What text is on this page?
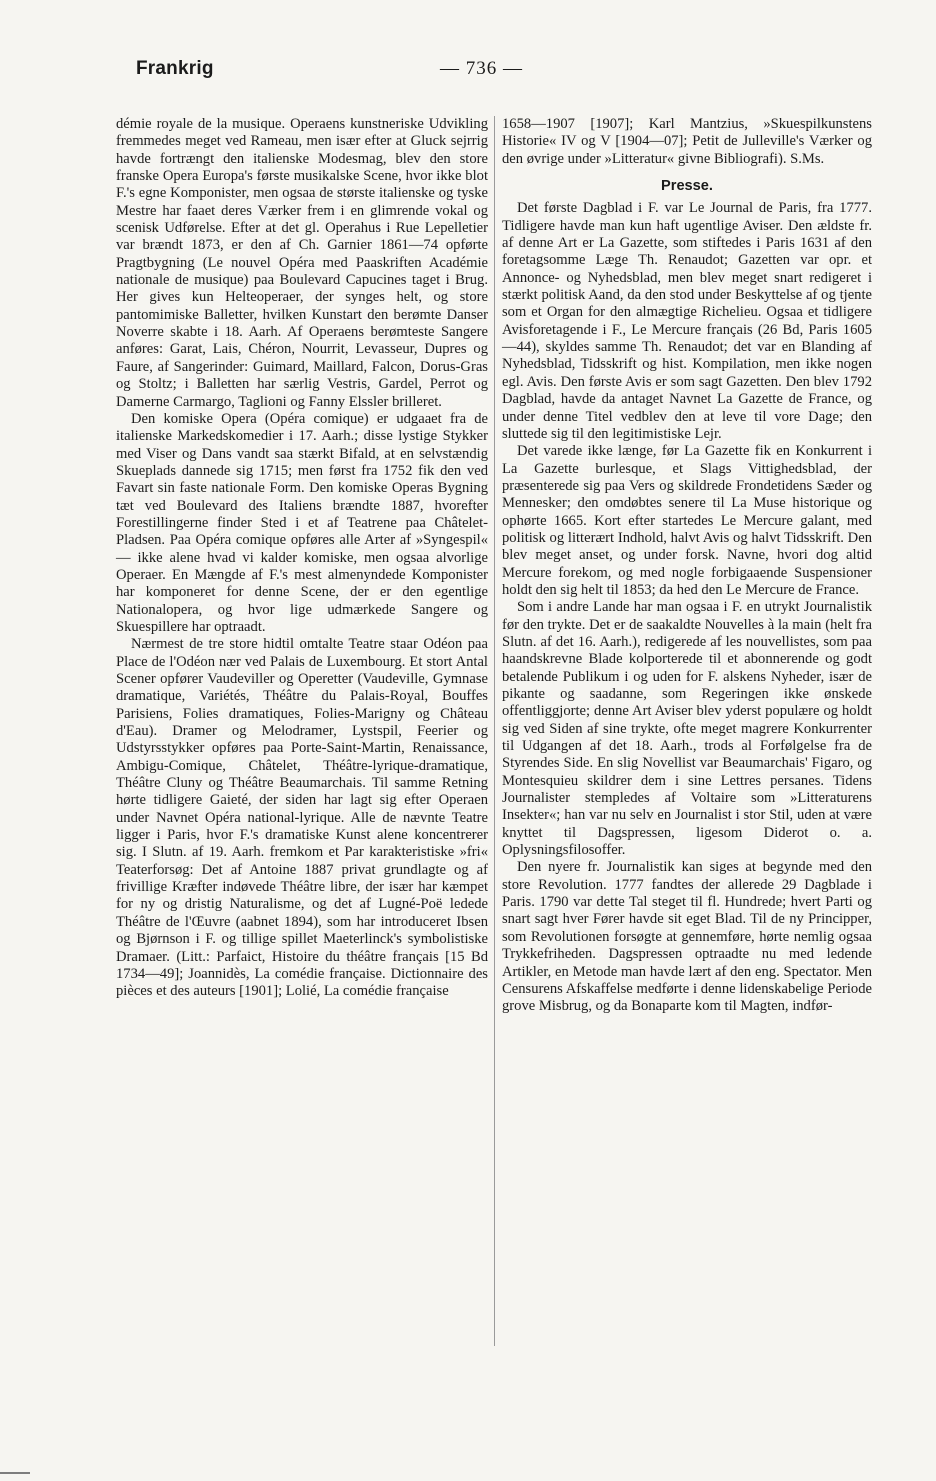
Frankrig	— 736 —

démie royale de la musique. Operaens kunstneriske Udvikling fremmedes meget ved Rameau, men især efter at Gluck sejrrig havde fortrængt den italienske Modesmag, blev den store franske Opera Europa's første musikalske Scene, hvor ikke blot F.'s egne Komponister, men ogsaa de største italienske og tyske Mestre har faaet deres Værker frem i en glimrende vokal og scenisk Udførelse. Efter at det gl. Operahus i Rue Lepelletier var brændt 1873, er den af Ch. Garnier 1861—74 opførte Pragtbygning (Le nouvel Opéra med Paaskriften Académie nationale de musique) paa Boulevard Capucines taget i Brug. Her gives kun Helteoperaer, der synges helt, og store pantomimiske Balletter, hvilken Kunstart den berømte Danser Noverre skabte i 18. Aarh. Af Operaens berømteste Sangere anføres: Garat, Lais, Chéron, Nourrit, Levasseur, Dupres og Faure, af Sangerinder: Guimard, Maillard, Falcon, Dorus-Gras og Stoltz; i Balletten har særlig Vestris, Gardel, Perrot og Damerne Carmargo, Taglioni og Fanny Elssler brilleret.

Den komiske Opera (Opéra comique) er udgaaet fra de italienske Markedskomedier i 17. Aarh.; disse lystige Stykker med Viser og Dans vandt saa stærkt Bifald, at en selvstændig Skueplads dannede sig 1715; men først fra 1752 fik den ved Favart sin faste nationale Form. Den komiske Operas Bygning tæt ved Boulevard des Italiens brændte 1887, hvorefter Forestillingerne finder Sted i et af Teatrene paa Châtelet-Pladsen. Paa Opéra comique opføres alle Arter af »Syngespil« — ikke alene hvad vi kalder komiske, men ogsaa alvorlige Operaer. En Mængde af F.'s mest almenyndede Komponister har komponeret for denne Scene, der er den egentlige Nationalopera, og hvor lige udmærkede Sangere og Skuespillere har optraadt.

Nærmest de tre store hidtil omtalte Teatre staar Odéon paa Place de l'Odéon nær ved Palais de Luxembourg. Et stort Antal Scener opfører Vaudeviller og Operetter (Vaudeville, Gymnase dramatique, Variétés, Théâtre du Palais-Royal, Bouffes Parisiens, Folies dramatiques, Folies-Marigny og Château d'Eau). Dramer og Melodramer, Lystspil, Feerier og Udstyrsstykker opføres paa Porte-Saint-Martin, Renaissance, Ambigu-Comique, Châtelet, Théâtre-lyrique-dramatique, Théâtre Cluny og Théâtre Beaumarchais. Til samme Retning hørte tidligere Gaieté, der siden har lagt sig efter Operaen under Navnet Opéra national-lyrique. Alle de nævnte Teatre ligger i Paris, hvor F.'s dramatiske Kunst alene koncentrerer sig. I Slutn. af 19. Aarh. fremkom et Par karakteristiske »fri« Teaterforsøg: Det af Antoine 1887 privat grundlagte og af frivillige Kræfter indøvede Théâtre libre, der især har kæmpet for ny og dristig Naturalisme, og det af Lugné-Poë ledede Théâtre de l'Œuvre (aabnet 1894), som har introduceret Ibsen og Bjørnson i F. og tillige spillet Maeterlinck's symbolistiske Dramaer. (Litt.: Parfaict, Histoire du théâtre français [15 Bd 1734—49]; Joannidès, La comédie française. Dictionnaire des pièces et des auteurs [1901]; Lolié, La comédie française

1658—1907 [1907]; Karl Mantzius, »Skuespilkunstens Historie« IV og V [1904—07]; Petit de Julleville's Værker og den øvrige under »Litteratur« givne Bibliografi). S.Ms.

Presse.

Det første Dagblad i F. var Le Journal de Paris, fra 1777. Tidligere havde man kun haft ugentlige Aviser. Den ældste fr. af denne Art er La Gazette, som stiftedes i Paris 1631 af den foretagsomme Læge Th. Renaudot; Gazetten var opr. et Annonce- og Nyhedsblad, men blev meget snart redigeret i stærkt politisk Aand, da den stod under Beskyttelse af og tjente som et Organ for den almægtige Richelieu. Ogsaa et tidligere Avisforetagende i F., Le Mercure français (26 Bd, Paris 1605—44), skyldes samme Th. Renaudot; det var en Blanding af Nyhedsblad, Tidsskrift og hist. Kompilation, men ikke nogen egl. Avis. Den første Avis er som sagt Gazetten. Den blev 1792 Dagblad, havde da antaget Navnet La Gazette de France, og under denne Titel vedblev den at leve til vore Dage; den sluttede sig til den legitimistiske Lejr.

Det varede ikke længe, før La Gazette fik en Konkurrent i La Gazette burlesque, et Slags Vittighedsblad, der præsenterede sig paa Vers og skildrede Frondetidens Sæder og Mennesker; den omdøbtes senere til La Muse historique og ophørte 1665. Kort efter startedes Le Mercure galant, med politisk og litterært Indhold, halvt Avis og halvt Tidsskrift. Den blev meget anset, og under forsk. Navne, hvori dog altid Mercure forekom, og med nogle forbigaaende Suspensioner holdt den sig helt til 1853; da hed den Le Mercure de France.

Som i andre Lande har man ogsaa i F. en utrykt Journalistik før den trykte. Det er de saakaldte Nouvelles à la main (helt fra Slutn. af det 16. Aarh.), redigerede af les nouvellistes, som paa haandskrevne Blade kolporterede til et abonnerende og godt betalende Publikum i og uden for F. alskens Nyheder, især de pikante og saadanne, som Regeringen ikke ønskede offentliggjorte; denne Art Aviser blev yderst populære og holdt sig ved Siden af sine trykte, ofte meget magrere Konkurrenter til Udgangen af det 18. Aarh., trods al Forfølgelse fra de Styrendes Side. En slig Novellist var Beaumarchais' Figaro, og Montesquieu skildrer dem i sine Lettres persanes. Tidens Journalister stempledes af Voltaire som »Litteraturens Insekter«; han var nu selv en Journalist i stor Stil, uden at være knyttet til Dagspressen, ligesom Diderot o. a. Oplysningsfilosoffer.

Den nyere fr. Journalistik kan siges at begynde med den store Revolution. 1777 fandtes der allerede 29 Dagblade i Paris. 1790 var dette Tal steget til fl. Hundrede; hvert Parti og snart sagt hver Fører havde sit eget Blad. Til de ny Principper, som Revolutionen forsøgte at gennemføre, hørte nemlig ogsaa Trykkefriheden. Dagspressen optraadte nu med ledende Artikler, en Metode man havde lært af den eng. Spectator. Men Censurens Afskaffelse medførte i denne lidenskabelige Periode grove Misbrug, og da Bonaparte kom til Magten, indfør-
